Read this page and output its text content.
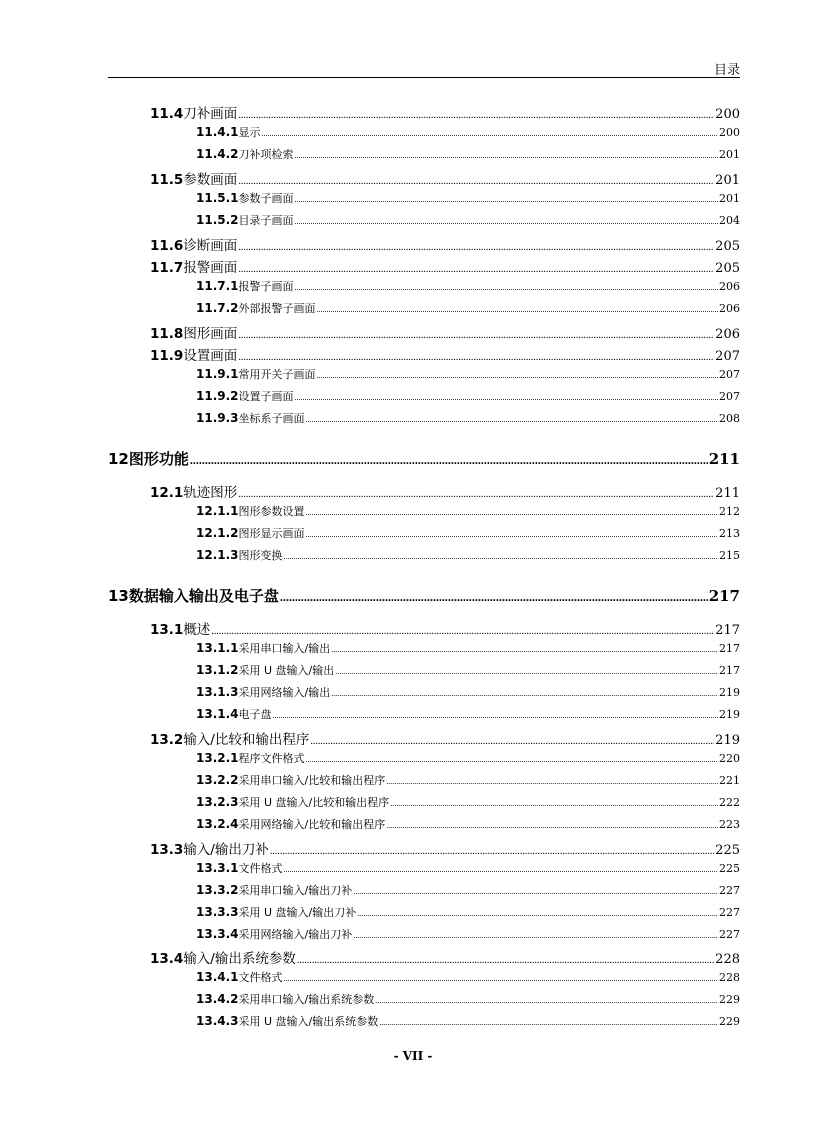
目录
11.4 刀补画面 .....	200
11.4.1 显示 .....	200
11.4.2 刀补项检索 .....	201
11.5 参数画面 .....	201
11.5.1 参数子画面 .....	201
11.5.2 目录子画面 .....	204
11.6 诊断画面 .....	205
11.7 报警画面 .....	205
11.7.1 报警子画面 .....	206
11.7.2 外部报警子画面 .....	206
11.8 图形画面 .....	206
11.9 设置画面 .....	207
11.9.1 常用开关子画面 .....	207
11.9.2 设置子画面 .....	207
11.9.3 坐标系子画面 .....	208
12 图形功能 .....	211
12.1 轨迹图形 .....	211
12.1.1 图形参数设置 .....	212
12.1.2 图形显示画面 .....	213
12.1.3 图形变换 .....	215
13 数据输入输出及电子盘 .....	217
13.1 概述 .....	217
13.1.1 采用串口输入/输出 .....	217
13.1.2 采用 U 盘输入/输出 .....	217
13.1.3 采用网络输入/输出 .....	219
13.1.4 电子盘 .....	219
13.2 输入/比较和输出程序 .....	219
13.2.1 程序文件格式 .....	220
13.2.2 采用串口输入/比较和输出程序 .....	221
13.2.3 采用 U 盘输入/比较和输出程序 .....	222
13.2.4 采用网络输入/比较和输出程序 .....	223
13.3 输入/输出刀补 .....	225
13.3.1 文件格式 .....	225
13.3.2 采用串口输入/输出刀补 .....	227
13.3.3 采用 U 盘输入/输出刀补 .....	227
13.3.4 采用网络输入/输出刀补 .....	227
13.4 输入/输出系统参数 .....	228
13.4.1 文件格式 .....	228
13.4.2 采用串口输入/输出系统参数 .....	229
13.4.3 采用 U 盘输入/输出系统参数 .....	229
- VII -
